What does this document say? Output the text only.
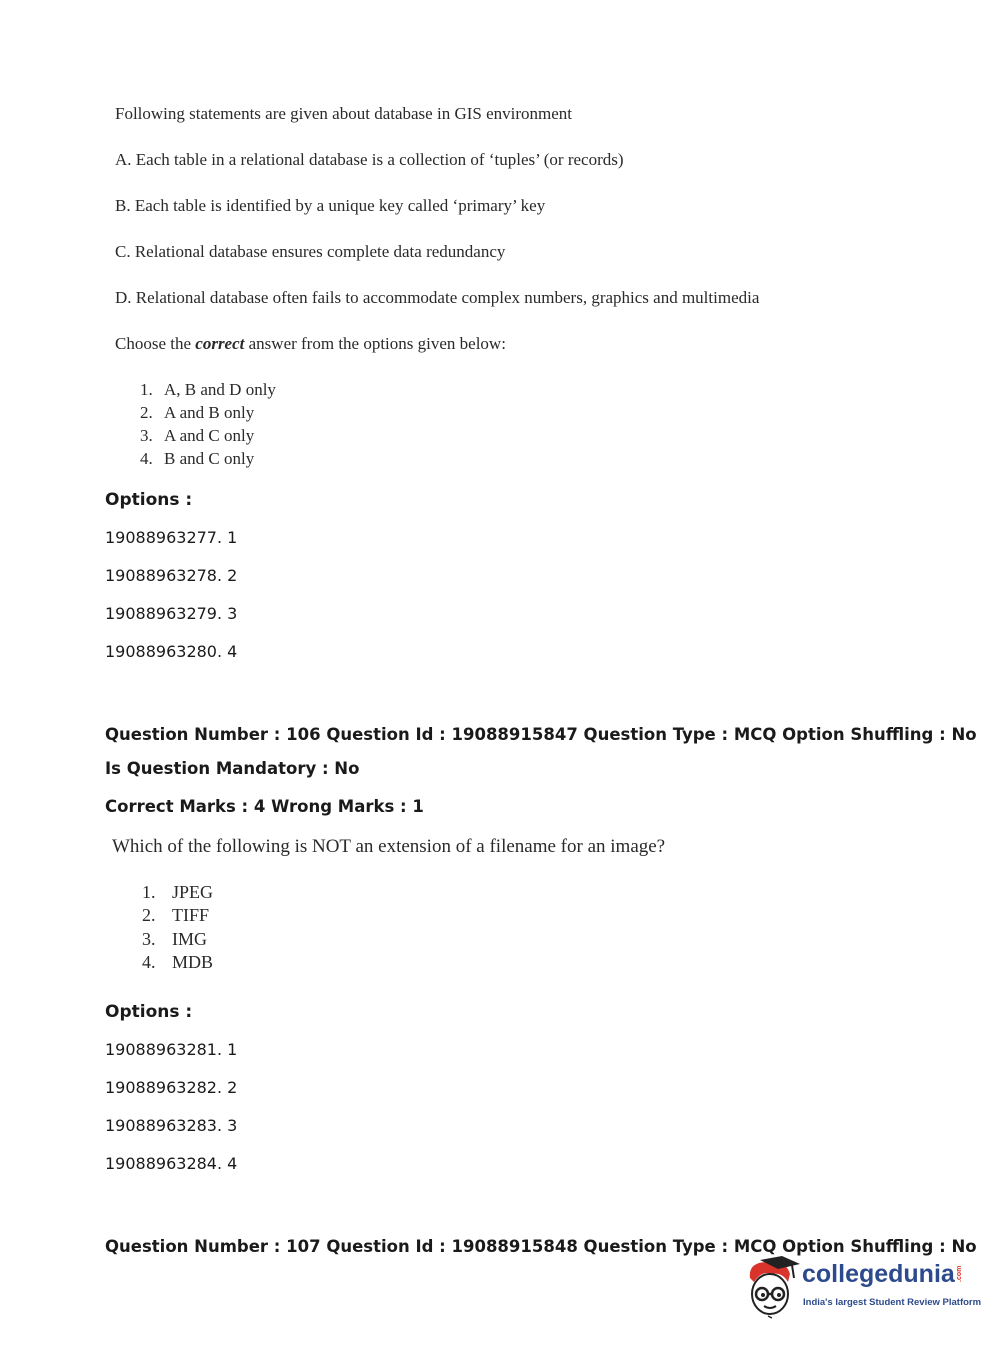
Following statements are given about database in GIS environment
A. Each table in a relational database is a collection of ‘tuples’ (or records)
B. Each table is identified by a unique key called ‘primary’ key
C. Relational database ensures complete data redundancy
D. Relational database often fails to accommodate complex numbers, graphics and multimedia
Choose the correct answer from the options given below:
1. A, B and D only
2. A and B only
3. A and C only
4. B and C only
Options :
19088963277. 1
19088963278. 2
19088963279. 3
19088963280. 4
Question Number : 106 Question Id : 19088915847 Question Type : MCQ Option Shuffling : No
Is Question Mandatory : No
Correct Marks : 4 Wrong Marks : 1
Which of the following is NOT an extension of a filename for an image?
1. JPEG
2. TIFF
3. IMG
4. MDB
Options :
19088963281. 1
19088963282. 2
19088963283. 3
19088963284. 4
Question Number : 107 Question Id : 19088915848 Question Type : MCQ Option Shuffling : No
collegedunia.com
India's largest Student Review Platform
